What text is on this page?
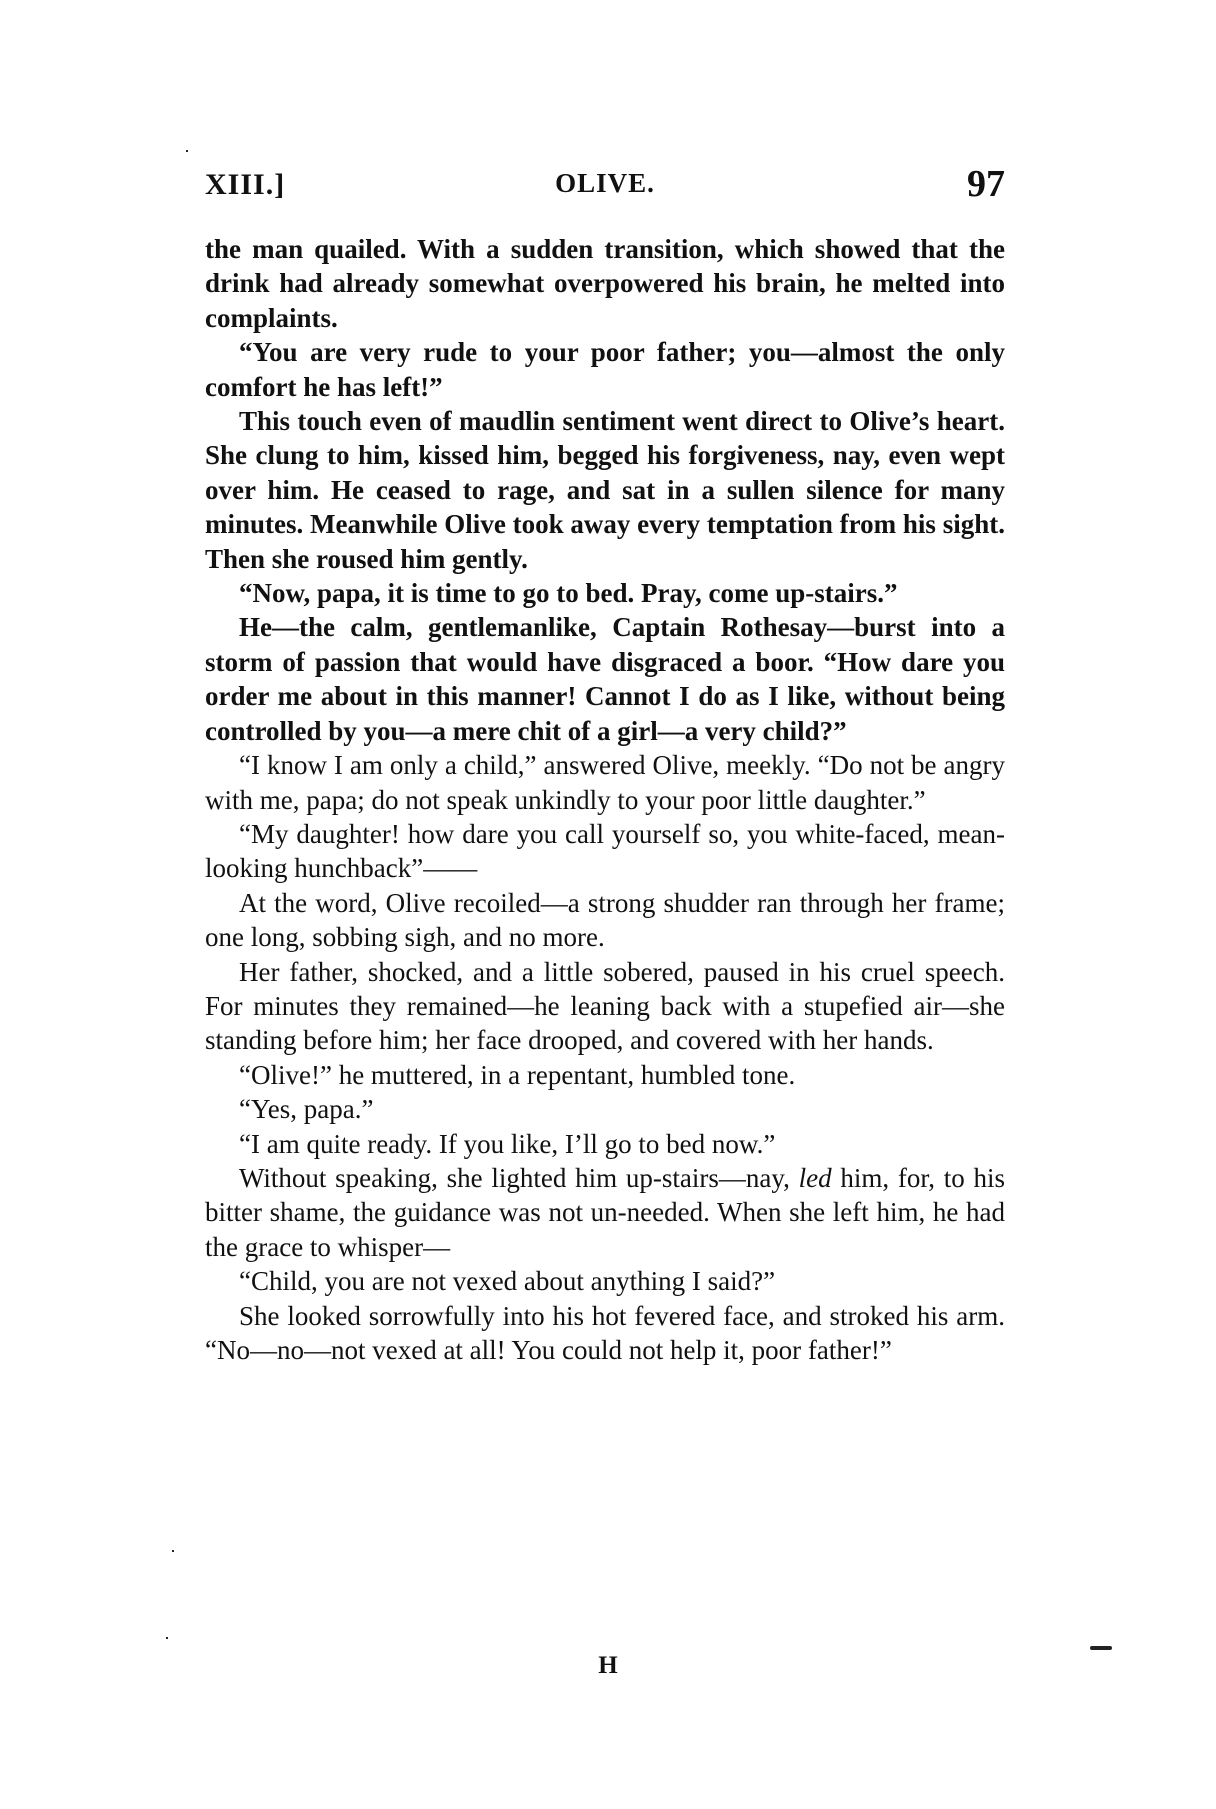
XIII.]	OLIVE.	97

the man quailed. With a sudden transition, which showed that the drink had already somewhat overpowered his brain, he melted into complaints.

“You are very rude to your poor father; you—almost the only comfort he has left!”

This touch even of maudlin sentiment went direct to Olive’s heart. She clung to him, kissed him, begged his forgiveness, nay, even wept over him. He ceased to rage, and sat in a sullen silence for many minutes. Meanwhile Olive took away every temptation from his sight. Then she roused him gently.

“Now, papa, it is time to go to bed. Pray, come up-stairs.”

He—the calm, gentlemanlike, Captain Rothesay—burst into a storm of passion that would have disgraced a boor. “How dare you order me about in this manner! Cannot I do as I like, without being controlled by you—a mere chit of a girl—a very child?”

“I know I am only a child,” answered Olive, meekly. “Do not be angry with me, papa; do not speak unkindly to your poor little daughter.”

“My daughter! how dare you call yourself so, you white-faced, mean-looking hunchback”——

At the word, Olive recoiled—a strong shudder ran through her frame; one long, sobbing sigh, and no more.

Her father, shocked, and a little sobered, paused in his cruel speech. For minutes they remained—he leaning back with a stupefied air—she standing before him; her face drooped, and covered with her hands.

“Olive!” he muttered, in a repentant, humbled tone.

“Yes, papa.”

“I am quite ready. If you like, I’ll go to bed now.”

Without speaking, she lighted him up-stairs—nay, led him, for, to his bitter shame, the guidance was not un-needed. When she left him, he had the grace to whisper—

“Child, you are not vexed about anything I said?”

She looked sorrowfully into his hot fevered face, and stroked his arm. “No—no—not vexed at all! You could not help it, poor father!”

H
